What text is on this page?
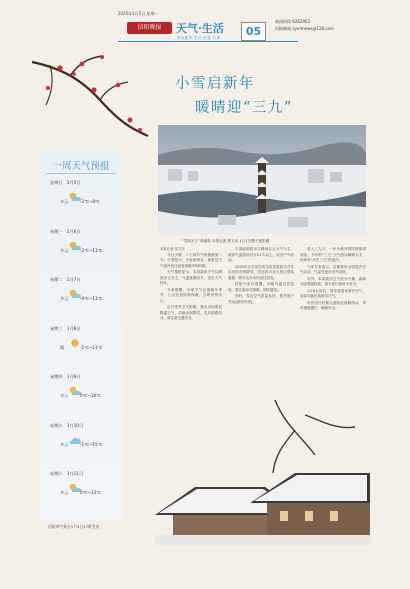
2025年1月5日 星期一
信阳晚报	天气·生活
热线服务 生活·信息 万事	05
新闻热线 6262963
投稿邮箱 xyeitnews@126.com
小雪启新年
暖晴迎“三九”
一周天气预报
星期日　 1月5日
多云	-2℃~8℃
星期一　 1月6日
多云	-2℃~11℃
星期二　 1月7日
多云	-4℃~11℃
星期三　 1月8日
晴	-1℃~11℃
星期四　 1月9日
多云	0℃~16℃
星期五　 1月10日
多云	-1℃~15℃
星期六　 1月11日
多云	0℃~13℃
信阳市气象台1月4日17时发布
“雪韵天宁”和谐美 本报记者 焦方忠 1月1日摄于宽阳湖
本报记者 张方东

今日小寒，二十四节气的倒数第二个。小寒是小、冷寒意到来，意思是天气寒冷但还没有到最冷的时候。

天气预报显示，本周我市天气以晴到多云为主，气温逐渐回升，雪后天气转好。

专家提醒，小寒节气正值隆冬季节，公众注意防寒保暖，合理安排出行。

近日受冷空气影响，我市出现明显降温天气，局地出现降雪，雪后道路结冰，请注意交通安全。

下周前期我市以晴到多云天气为主，最高气温将回升至11℃以上，适宜户外活动。

2025年元旦前后的这场雪是我市今冬以来的首场降雪，雪后我市各大景区银装素裹，吸引众多市民前往赏雪。

信阳气象台提醒，早晚气温仍然较低，要注意添衣保暖，预防感冒。

同时，雪后空气质量良好，是开展户外运动的好时机。

进入三九天，一年中最冷的时段即将到来。今年的“三九”天气将以晴朗为主，民间有“冷在三九”的说法。

气象专家表示，近期我市无明显冷空气活动，气温呈逐步回升趋势。

另外，本周我市空气较为干燥，森林火险等级较高，请大家注意用火安全。

1月6日前后，我市将迎来弱冷空气，局部可能出现雨雪天气。

市民出行时要注意防范道路结冰，驾车减速慢行，确保安全。
